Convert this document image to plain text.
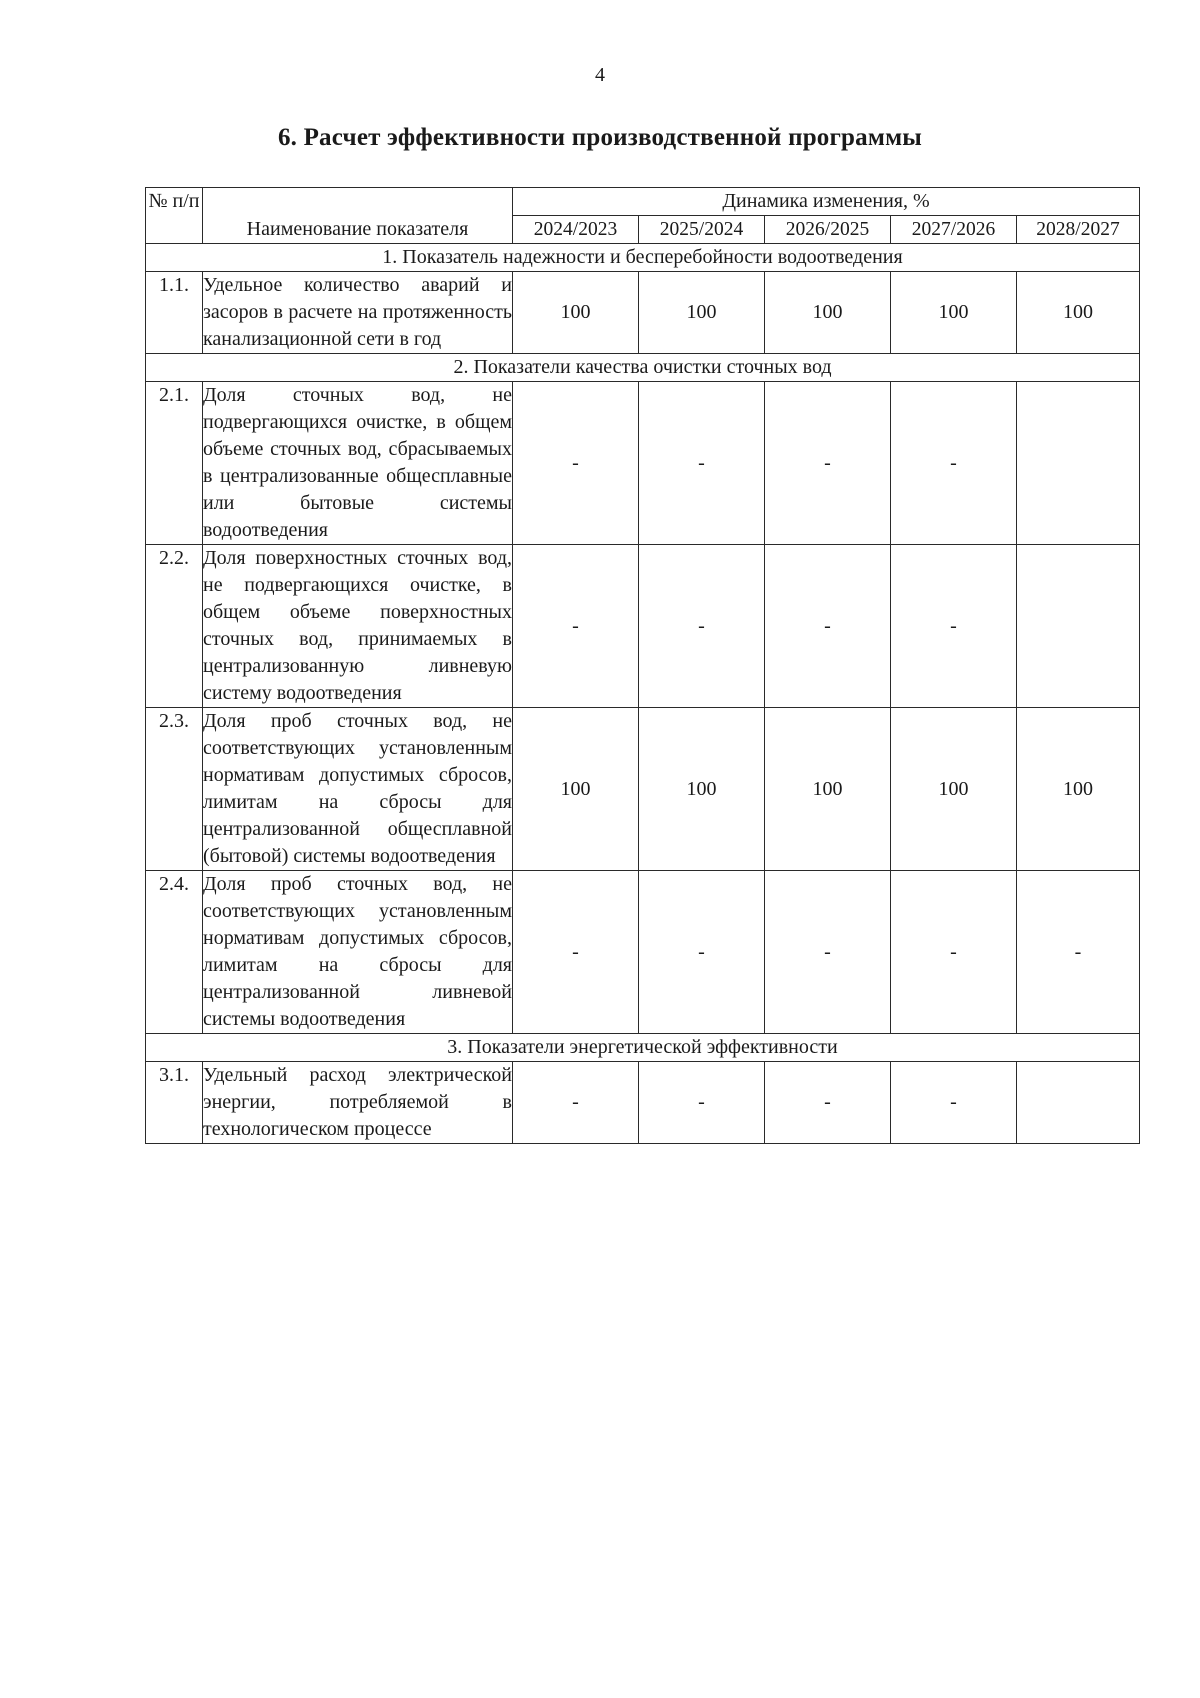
4
6. Расчет эффективности производственной программы
№ п/п	Наименование показателя	Динамика изменения, %				
		2024/2023	2025/2024	2026/2025	2027/2026	2028/2027
1. Показатель надежности и бесперебойности водоотведения						
1.1.	Удельное количество аварий и засоров в расчете на протяженность канализационной сети в год	100	100	100	100	100
2. Показатели качества очистки сточных вод						
2.1.	Доля сточных вод, не подвергающихся очистке, в общем объеме сточных вод, сбрасываемых в централизованные общесплавные или бытовые системы водоотведения	-	-	-	-	
2.2.	Доля поверхностных сточных вод, не подвергающихся очистке, в общем объеме поверхностных сточных вод, принимаемых в централизованную ливневую систему водоотведения	-	-	-	-	
2.3.	Доля проб сточных вод, не соответствующих установленным нормативам допустимых сбросов, лимитам на сбросы для централизованной общесплавной (бытовой) системы водоотведения	100	100	100	100	100
2.4.	Доля проб сточных вод, не соответствующих установленным нормативам допустимых сбросов, лимитам на сбросы для централизованной ливневой системы водоотведения	-	-	-	-	-
3. Показатели энергетической эффективности						
3.1.	Удельный расход электрической энергии, потребляемой в технологическом процессе	-	-	-	-	
